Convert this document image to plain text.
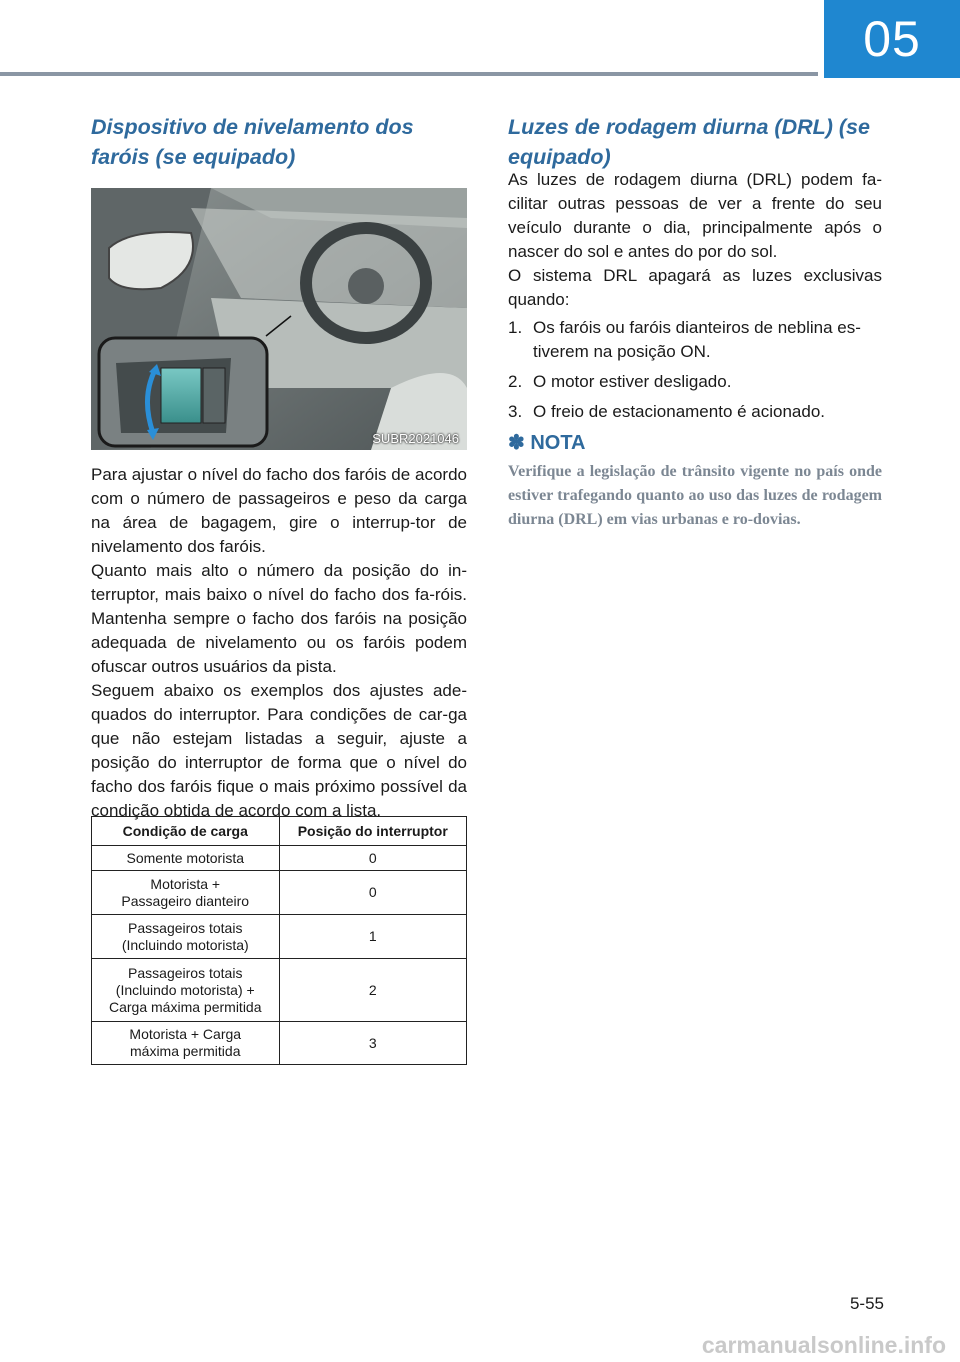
05
Dispositivo de nivelamento dos
faróis (se equipado)
SUBR2021046

Para ajustar o nível do facho dos faróis de acordo com o número de passageiros e peso da carga na área de bagagem, gire o interrup-tor de nivelamento dos faróis.

Quanto mais alto o número da posição do in-terruptor, mais baixo o nível do facho dos fa-róis. Mantenha sempre o facho dos faróis na posição adequada de nivelamento ou os faróis podem ofuscar outros usuários da pista.

Seguem abaixo os exemplos dos ajustes ade-quados do interruptor. Para condições de car-ga que não estejam listadas a seguir, ajuste a posição do interruptor de forma que o nível do facho dos faróis fique o mais próximo possível da condição obtida de acordo com a lista.

Condição de carga	Posição do interruptor
Somente motorista	0
Motorista +
Passageiro dianteiro	0
Passageiros totais
(Incluindo motorista)	1
Passageiros totais
(Incluindo motorista) +
Carga máxima permitida	2
Motorista + Carga
máxima permitida	3
Luzes de rodagem diurna (DRL) (se
equipado)

As luzes de rodagem diurna (DRL) podem fa-cilitar outras pessoas de ver a frente do seu veículo durante o dia, principalmente após o nascer do sol e antes do por do sol.

O sistema DRL apagará as luzes exclusivas quando:

1. Os faróis ou faróis dianteiros de neblina es-tiverem na posição ON.
2. O motor estiver desligado.
3. O freio de estacionamento é acionado.
✽ NOTA

Verifique a legislação de trânsito vigente no país onde estiver trafegando quanto ao uso das luzes de rodagem diurna (DRL) em vias urbanas e ro-dovias.

5-55
carmanualsonline.info
